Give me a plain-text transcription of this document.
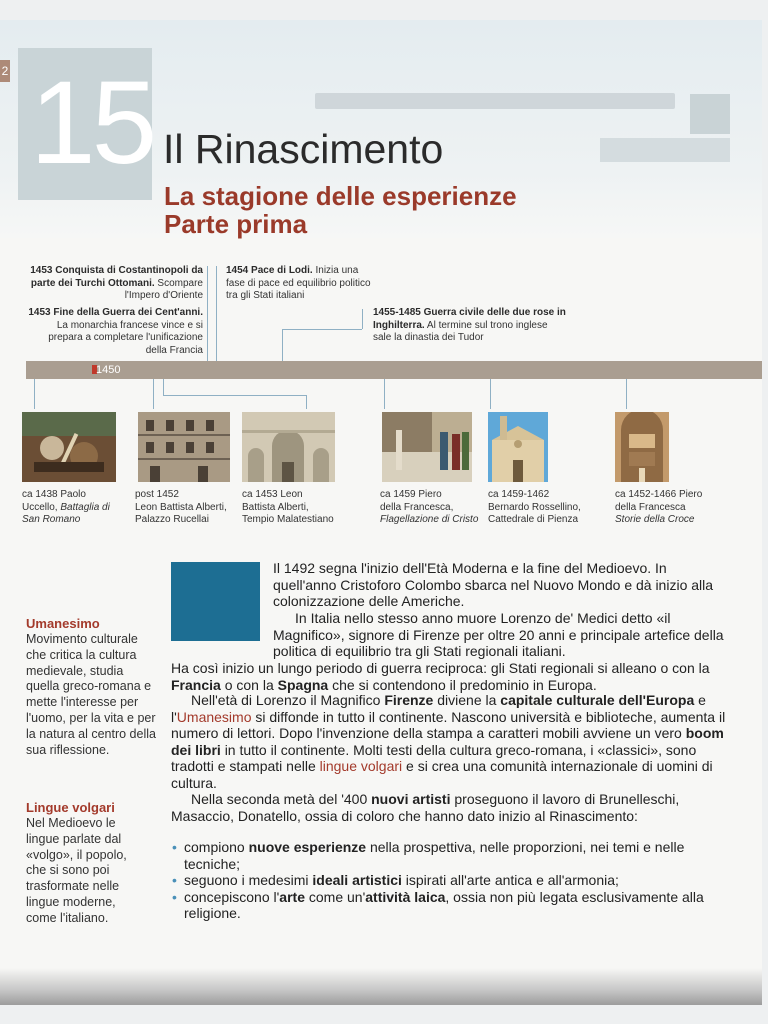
2 15 Il Rinascimento
La stagione delle esperienze
Parte prima
1453 Conquista di Costantinopoli da parte dei Turchi Ottomani. Scompare l'Impero d'Oriente
1453 Fine della Guerra dei Cent'anni. La monarchia francese vince e si prepara a completare l'unificazione della Francia
1454 Pace di Lodi. Inizia una fase di pace ed equilibrio politico tra gli Stati italiani
1455-1485 Guerra civile delle due rose in Inghilterra. Al termine sul trono inglese sale la dinastia dei Tudor
1450
ca 1438 Paolo
Uccello, Battaglia di
San Romano
post 1452
Leon Battista Alberti,
Palazzo Rucellai
ca 1453 Leon
Battista Alberti,
Tempio Malatestiano
ca 1459 Piero
della Francesca,
Flagellazione di Cristo
ca 1459-1462
Bernardo Rossellino,
Cattedrale di Pienza
ca 1452-1466 Piero
della Francesca
Storie della Croce
Umanesimo
Movimento culturale che critica la cultura medievale, studia quella greco-romana e mette l'interesse per l'uomo, per la vita e per la natura al centro della sua riflessione.
Lingue volgari
Nel Medioevo le lingue parlate dal «volgo», il popolo, che si sono poi trasformate nelle lingue moderne, come l'italiano.
Il 1492 segna l'inizio dell'Età Moderna e la fine del Medioevo. In quell'anno Cristoforo Colombo sbarca nel Nuovo Mondo e dà inizio alla colonizzazione delle Americhe.
In Italia nello stesso anno muore Lorenzo de' Medici detto «il Magnifico», signore di Firenze per oltre 20 anni e principale artefice della politica di equilibrio tra gli Stati regionali italiani.
Ha così inizio un lungo periodo di guerra reciproca: gli Stati regionali si alleano o con la Francia o con la Spagna che si contendono il predominio in Europa.
Nell'età di Lorenzo il Magnifico Firenze diviene la capitale culturale dell'Europa e l'Umanesimo si diffonde in tutto il continente. Nascono università e biblioteche, aumenta il numero di lettori. Dopo l'invenzione della stampa a caratteri mobili avviene un vero boom dei libri in tutto il continente. Molti testi della cultura greco-romana, i «classici», sono tradotti e stampati nelle lingue volgari e si crea una comunità internazionale di uomini di cultura.
Nella seconda metà del '400 nuovi artisti proseguono il lavoro di Brunelleschi, Masaccio, Donatello, ossia di coloro che hanno dato inizio al Rinascimento:
• compiono nuove esperienze nella prospettiva, nelle proporzioni, nei temi e nelle tecniche;
• seguono i medesimi ideali artistici ispirati all'arte antica e all'armonia;
• concepiscono l'arte come un'attività laica, ossia non più legata esclusivamente alla religione.
